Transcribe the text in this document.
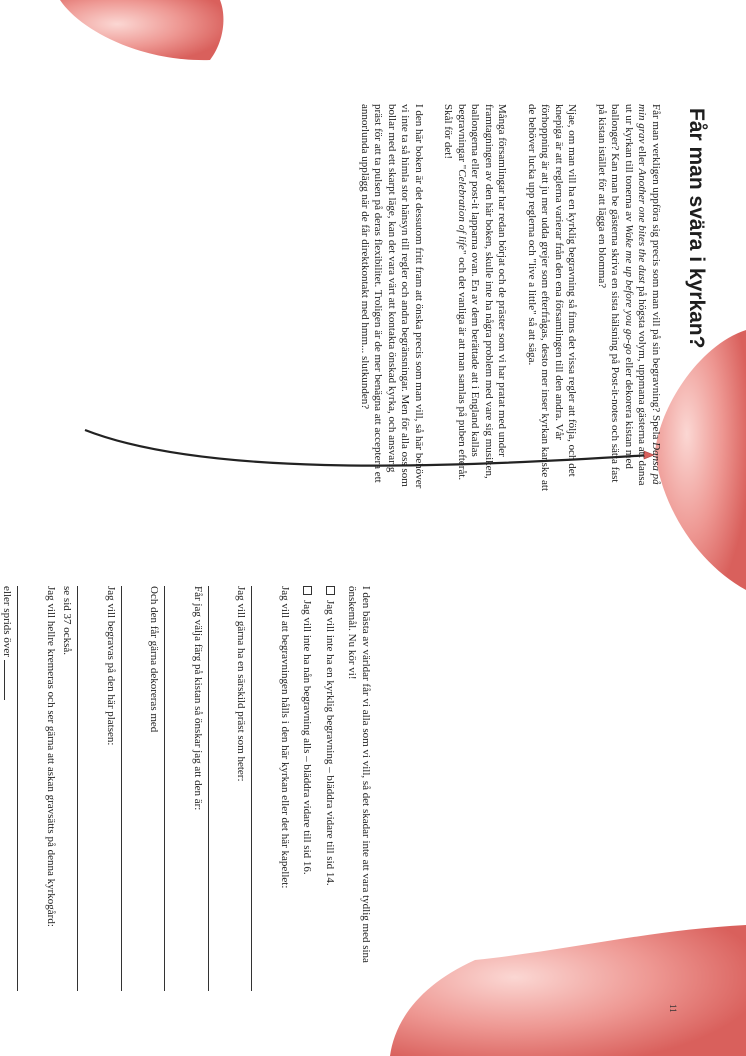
Får man svära i kyrkan?

Får man verkligen uppföra sig precis som man vill på sin begravning? Spela Dansa på min grav eller Another one bites the dust på högsta volym, uppmana gästerna att dansa ut ur kyrkan till tonerna av Wake me up before you go-go eller dekorera kistan med ballonger? Kan man be gästerna skriva en sista hälsning på Post-it-notes och sätta fast på kistan istället för att lägga en blomma?

Njae, om man vill ha en kyrklig begravning så finns det vissa regler att följa, och det knepiga är att reglerna varierar från den ena församlingen till den andra. Vår förhoppning är att ju mer udda grejer som efterfrågas, desto mer inser kyrkan kanske att de behöver lucka upp reglerna och "live a little" så att säga.

Många församlingar har redan börjat och de präster som vi har pratat med under framtagningen av den här boken, skulle inte ha några problem med vare sig musiken, ballongerna eller post-it lapparna ovan. En av dem berättade att i England kallas begravningar "Celebration of life" och det vanliga är att man samlas på puben efteråt. Skål för det!

I den här boken är det dessutom fritt fram att önska precis som man vill, så här behöver vi inte ta så himla stor hänsyn till regler och andra begränsningar. Men för alla oss som bollar med ett skarpt läge, kan det vara värt att kontakta önskad kyrka, och ansvarig präst för att ta pulsen på deras flexibilitet. Troligen är de mer benägna att acceptera ett annorlunda upplägg när de får direktkontakt med hmm... slutkunden?

I den bästa av världar får vi alla som vi vill, så det skadar inte att vara tydlig med sina önskemål. Nu kör vi!

Jag vill inte ha en kyrklig begravning – bläddra vidare till sid 14.

Jag vill inte ha nån begravning alls – bläddra vidare till sid 16.

Jag vill att begravningen hålls i den här kyrkan eller det här kapellet:
Jag vill gärna ha en särskild präst som heter:
Får jag välja färg på kistan så önskar jag att den är:
Och den får gärna dekoreras med
Jag vill begravas på den här platsen:
se sid 37 också.
Jag vill hellre kremeras och ser gärna att askan gravsätts på denna kyrkogård:
eller sprids över
11
